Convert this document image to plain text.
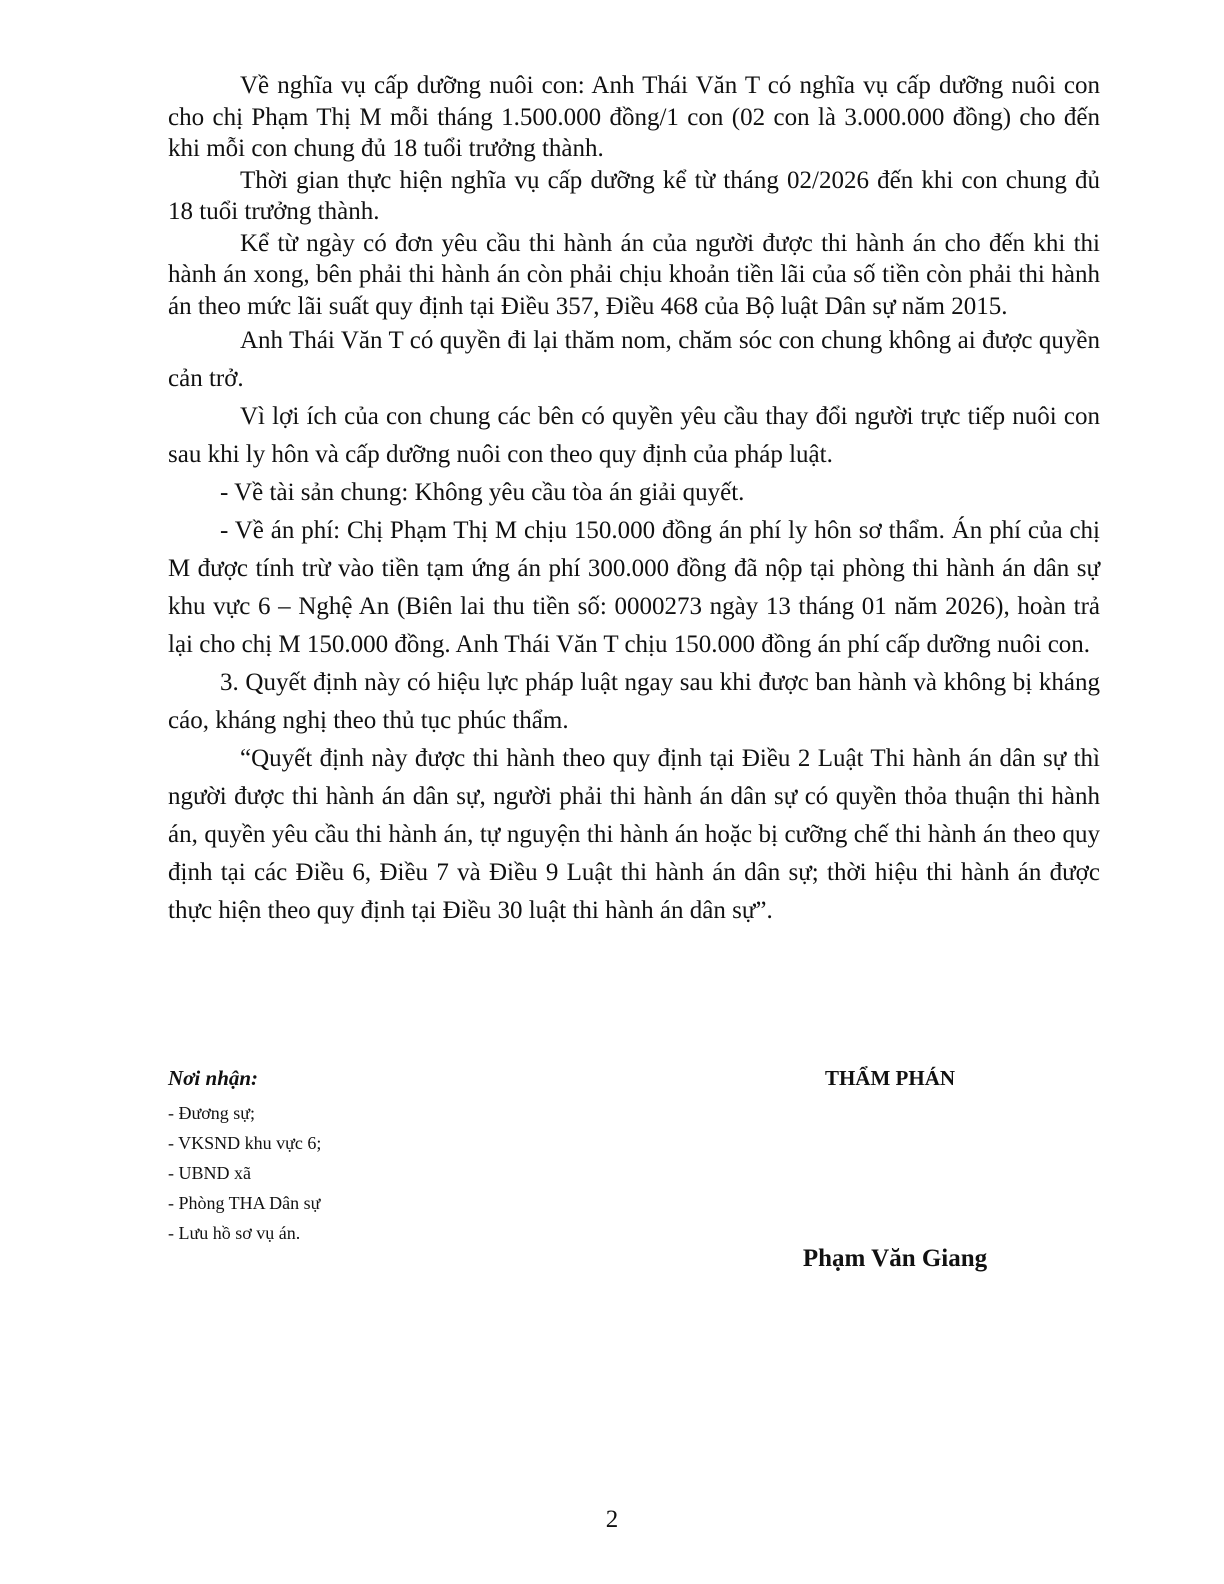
Về nghĩa vụ cấp dưỡng nuôi con: Anh Thái Văn T có nghĩa vụ cấp dưỡng nuôi con cho chị Phạm Thị M mỗi tháng 1.500.000 đồng/1 con (02 con là 3.000.000 đồng) cho đến khi mỗi con chung đủ 18 tuổi trưởng thành.

Thời gian thực hiện nghĩa vụ cấp dưỡng kể từ tháng 02/2026 đến khi con chung đủ 18 tuổi trưởng thành.

Kể từ ngày có đơn yêu cầu thi hành án của người được thi hành án cho đến khi thi hành án xong, bên phải thi hành án còn phải chịu khoản tiền lãi của số tiền còn phải thi hành án theo mức lãi suất quy định tại Điều 357, Điều 468 của Bộ luật Dân sự năm 2015.

Anh Thái Văn T có quyền đi lại thăm nom, chăm sóc con chung không ai được quyền cản trở.

Vì lợi ích của con chung các bên có quyền yêu cầu thay đổi người trực tiếp nuôi con sau khi ly hôn và cấp dưỡng nuôi con theo quy định của pháp luật.

- Về tài sản chung: Không yêu cầu tòa án giải quyết.

- Về án phí: Chị Phạm Thị M chịu 150.000 đồng án phí ly hôn sơ thẩm. Án phí của chị M được tính trừ vào tiền tạm ứng án phí 300.000 đồng đã nộp tại phòng thi hành án dân sự khu vực 6 – Nghệ An (Biên lai thu tiền số: 0000273 ngày 13 tháng 01 năm 2026), hoàn trả lại cho chị M 150.000 đồng. Anh Thái Văn T chịu 150.000 đồng án phí cấp dưỡng nuôi con.

3. Quyết định này có hiệu lực pháp luật ngay sau khi được ban hành và không bị kháng cáo, kháng nghị theo thủ tục phúc thẩm.

“Quyết định này được thi hành theo quy định tại Điều 2 Luật Thi hành án dân sự thì người được thi hành án dân sự, người phải thi hành án dân sự có quyền thỏa thuận thi hành án, quyền yêu cầu thi hành án, tự nguyện thi hành án hoặc bị cưỡng chế thi hành án theo quy định tại các Điều 6, Điều 7 và Điều 9 Luật thi hành án dân sự; thời hiệu thi hành án được thực hiện theo quy định tại Điều 30 luật thi hành án dân sự”.

Nơi nhận:

- Đương sự;
- VKSND khu vực 6;
- UBND xã
- Phòng THA Dân sự
- Lưu hồ sơ vụ án.
THẨM PHÁN
Phạm Văn Giang
2
